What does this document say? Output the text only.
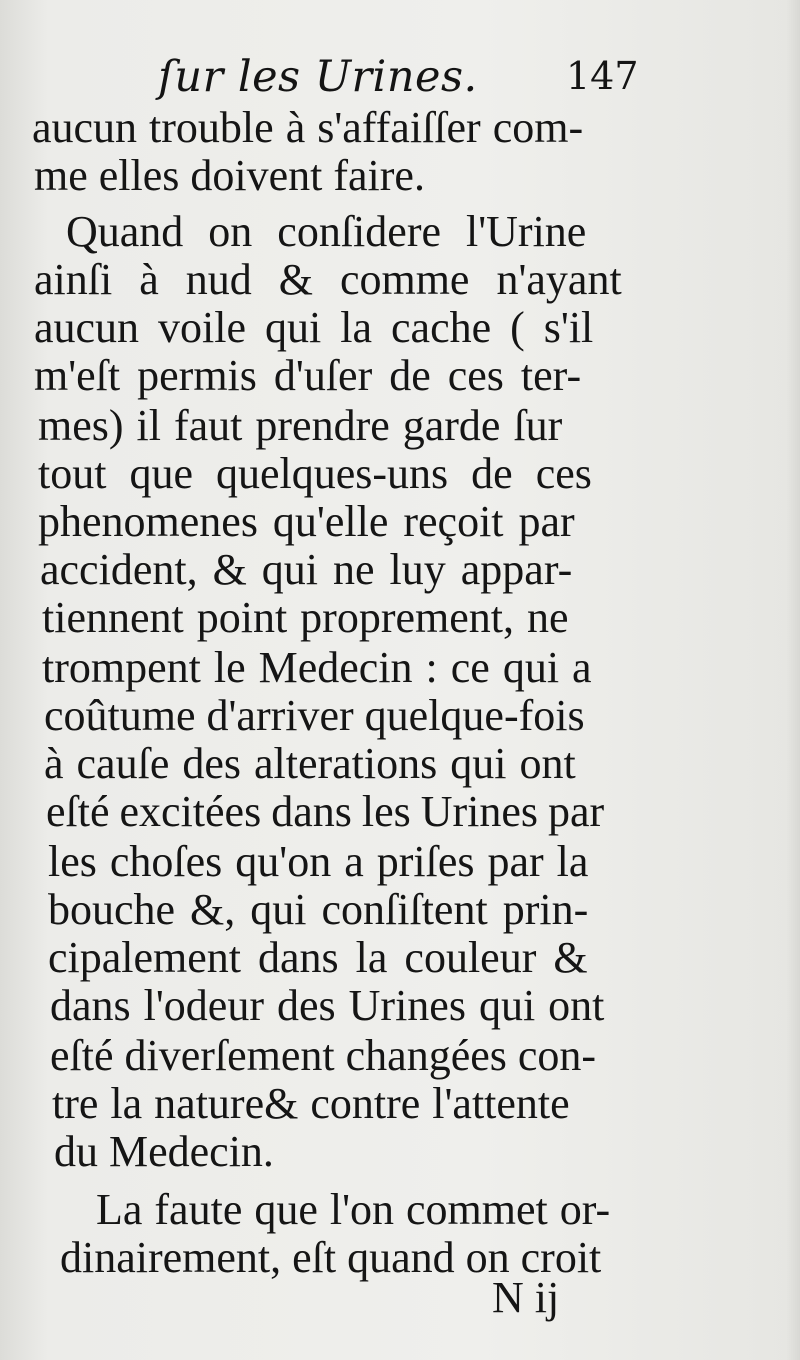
ſur les Urines. 147
aucun trouble à s'affaiſſer com-
me elles doivent faire.
Quand on conſidere l'Urine
ainſi à nud & comme n'ayant
aucun voile qui la cache ( s'il
m'eſt permis d'uſer de ces ter-
mes) il faut prendre garde ſur
tout que quelques-uns de ces
phenomenes qu'elle reçoit par
accident, & qui ne luy appar-
tiennent point proprement, ne
trompent le Medecin : ce qui a
coûtume d'arriver quelque-fois
à cauſe des alterations qui ont
eſté excitées dans les Urines par
les choſes qu'on a priſes par la
bouche &, qui conſiſtent prin-
cipalement dans la couleur &
dans l'odeur des Urines qui ont
eſté diverſement changées con-
tre la nature& contre l'attente
du Medecin.
La faute que l'on commet or-
dinairement, eſt quand on croit
N ij
